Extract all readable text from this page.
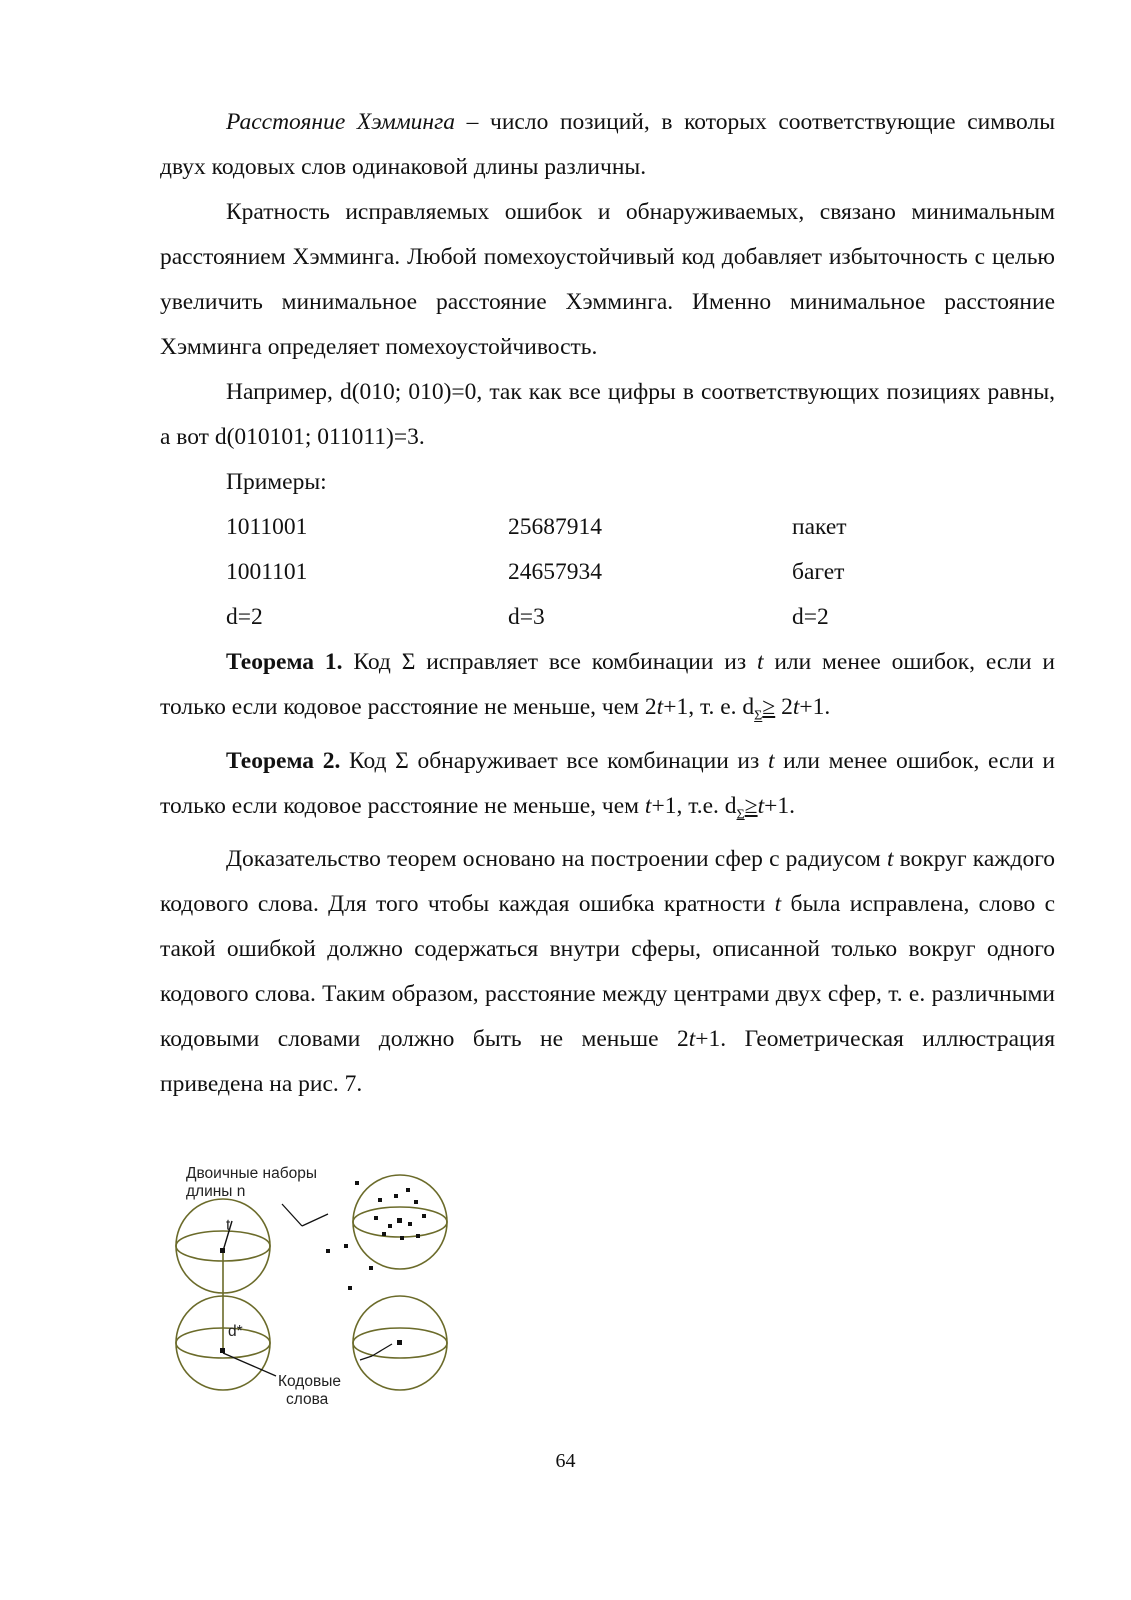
Расстояние Хэмминга – число позиций, в которых соответствующие символы двух кодовых слов одинаковой длины различны.

Кратность исправляемых ошибок и обнаруживаемых, связано минимальным расстоянием Хэмминга. Любой помехоустойчивый код добавляет избыточность с целью увеличить минимальное расстояние Хэмминга. Именно минимальное расстояние Хэмминга определяет помехоустойчивость.

Например, d(010; 010)=0, так как все цифры в соответствующих позициях равны, а вот d(010101; 011011)=3.

Примеры:

1011001	25687914	пакет
1001101	24657934	багет
d=2	d=3	d=2

Теорема 1. Код Σ исправляет все комбинации из t или менее ошибок, если и только если кодовое расстояние не меньше, чем 2t+1, т. е. $d_\Sigma\ge 2t+1$.

Теорема 2. Код Σ обнаруживает все комбинации из t или менее ошибок, если и только если кодовое расстояние не меньше, чем t+1, т.е. $d_\Sigma\ge t+1$.

Доказательство теорем основано на построении сфер с радиусом t вокруг каждого кодового слова. Для того чтобы каждая ошибка кратности t была исправлена, слово с такой ошибкой должно содержаться внутри сферы, описанной только вокруг одного кодового слова. Таким образом, расстояние между центрами двух сфер, т. е. различными кодовыми словами должно быть не меньше 2t+1. Геометрическая иллюстрация приведена на рис. 7.

Двоичные наборы
длины n
t
d*
Кодовые
слова
64
